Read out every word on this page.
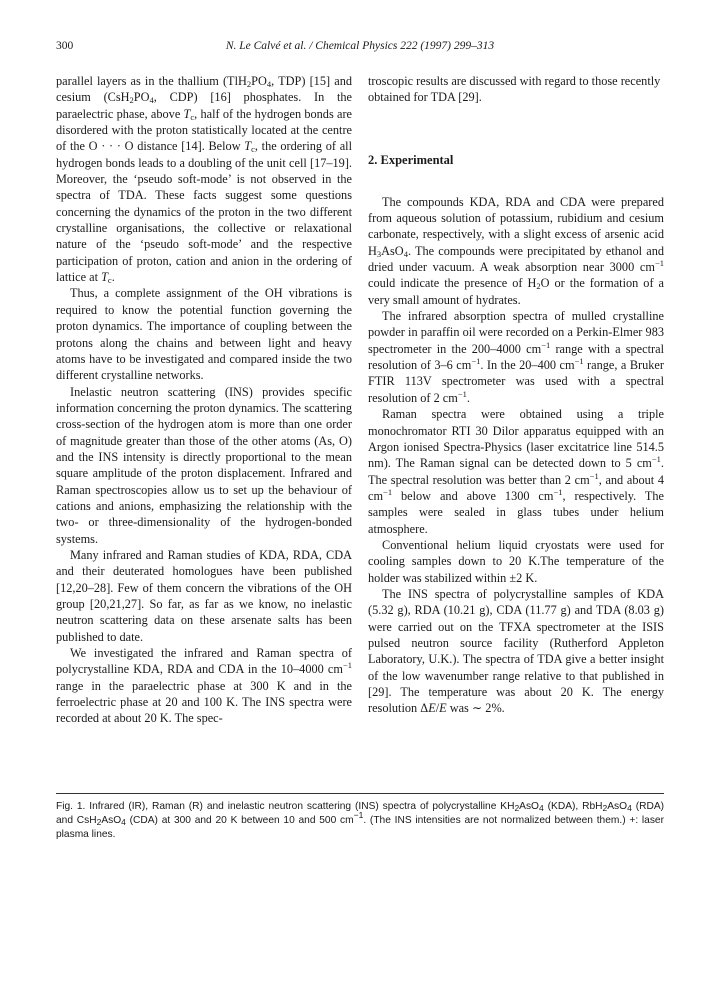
300	N. Le Calvé et al. / Chemical Physics 222 (1997) 299–313

parallel layers as in the thallium ($TlH_2PO_4$, TDP) [15] and cesium ($CsH_2PO_4$, CDP) [16] phosphates. In the paraelectric phase, above $T_c$, half of the hydrogen bonds are disordered with the proton statistically located at the centre of the O · · · O distance [14]. Below $T_c$, the ordering of all hydrogen bonds leads to a doubling of the unit cell [17–19]. Moreover, the ‘pseudo soft-mode’ is not observed in the spectra of TDA. These facts suggest some questions concerning the dynamics of the proton in the two different crystalline organisations, the collective or relaxational nature of the ‘pseudo soft-mode’ and the respective participation of proton, cation and anion in the ordering of lattice at $T_c$.

Thus, a complete assignment of the OH vibrations is required to know the potential function governing the proton dynamics. The importance of coupling between the protons along the chains and between light and heavy atoms have to be investigated and compared inside the two different crystalline networks.

Inelastic neutron scattering (INS) provides specific information concerning the proton dynamics. The scattering cross-section of the hydrogen atom is more than one order of magnitude greater than those of the other atoms (As, O) and the INS intensity is directly proportional to the mean square amplitude of the proton displacement. Infrared and Raman spectroscopies allow us to set up the behaviour of cations and anions, emphasizing the relationship with the two- or three-dimensionality of the hydrogen-bonded systems.

Many infrared and Raman studies of KDA, RDA, CDA and their deuterated homologues have been published [12,20–28]. Few of them concern the vibrations of the OH group [20,21,27]. So far, as far as we know, no inelastic neutron scattering data on these arsenate salts has been published to date.

We investigated the infrared and Raman spectra of polycrystalline KDA, RDA and CDA in the 10–4000 $cm^{-1}$ range in the paraelectric phase at 300 K and in the ferroelectric phase at 20 and 100 K. The INS spectra were recorded at about 20 K. The spec-

troscopic results are discussed with regard to those recently obtained for TDA [29].

2. Experimental

The compounds KDA, RDA and CDA were prepared from aqueous solution of potassium, rubidium and cesium carbonate, respectively, with a slight excess of arsenic acid $H_3AsO_4$. The compounds were precipitated by ethanol and dried under vacuum. A weak absorption near 3000 $cm^{-1}$ could indicate the presence of $H_2O$ or the formation of a very small amount of hydrates.

The infrared absorption spectra of mulled crystalline powder in paraffin oil were recorded on a Perkin-Elmer 983 spectrometer in the 200–4000 $cm^{-1}$ range with a spectral resolution of 3–6 $cm^{-1}$. In the 20–400 $cm^{-1}$ range, a Bruker FTIR 113V spectrometer was used with a spectral resolution of 2 $cm^{-1}$.

Raman spectra were obtained using a triple monochromator RTI 30 Dilor apparatus equipped with an Argon ionised Spectra-Physics (laser excitatrice line 514.5 nm). The Raman signal can be detected down to 5 $cm^{-1}$. The spectral resolution was better than 2 $cm^{-1}$, and about 4 $cm^{-1}$ below and above 1300 $cm^{-1}$, respectively. The samples were sealed in glass tubes under helium atmosphere.

Conventional helium liquid cryostats were used for cooling samples down to 20 K.The temperature of the holder was stabilized within ±2 K.

The INS spectra of polycrystalline samples of KDA (5.32 g), RDA (10.21 g), CDA (11.77 g) and TDA (8.03 g) were carried out on the TFXA spectrometer at the ISIS pulsed neutron source facility (Rutherford Appleton Laboratory, U.K.). The spectra of TDA give a better insight of the low wavenumber range relative to that published in [29]. The temperature was about 20 K. The energy resolution ΔE/E was ∼ 2%.

Fig. 1. Infrared (IR), Raman (R) and inelastic neutron scattering (INS) spectra of polycrystalline $KH_2AsO_4$ (KDA), RbH$_2$AsO$_4$ (RDA) and CsH$_2$AsO$_4$ (CDA) at 300 and 20 K between 10 and 500 $cm^{-1}$. (The INS intensities are not normalized between them.) +: laser plasma lines.
